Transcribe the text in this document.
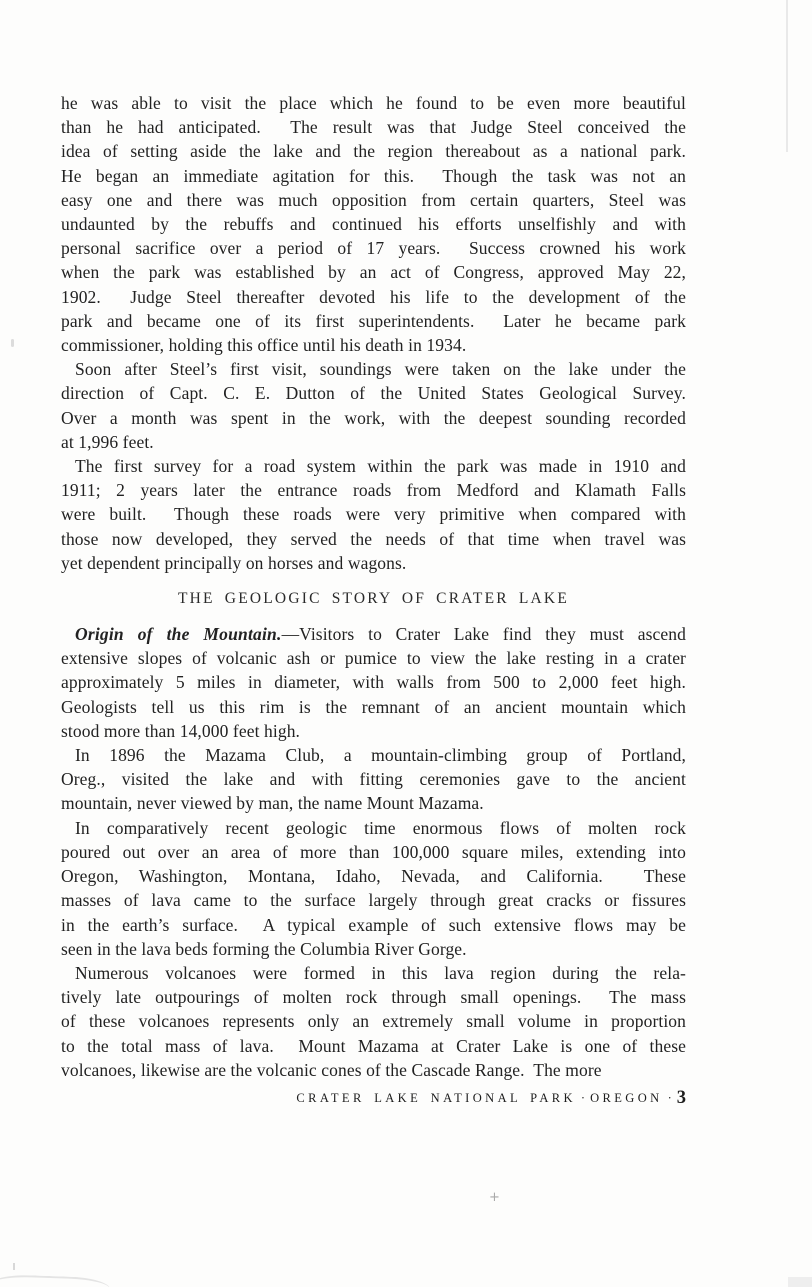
he was able to visit the place which he found to be even more beautiful
than he had anticipated.  The result was that Judge Steel conceived the
idea of setting aside the lake and the region thereabout as a national park.
He began an immediate agitation for this.  Though the task was not an
easy one and there was much opposition from certain quarters, Steel was
undaunted by the rebuffs and continued his efforts unselfishly and with
personal sacrifice over a period of 17 years.  Success crowned his work
when the park was established by an act of Congress, approved May 22,
1902.  Judge Steel thereafter devoted his life to the development of the
park and became one of its first superintendents.  Later he became park
commissioner, holding this office until his death in 1934.
Soon after Steel’s first visit, soundings were taken on the lake under the
direction of Capt. C. E. Dutton of the United States Geological Survey.
Over a month was spent in the work, with the deepest sounding recorded
at 1,996 feet.
The first survey for a road system within the park was made in 1910 and
1911; 2 years later the entrance roads from Medford and Klamath Falls
were built.  Though these roads were very primitive when compared with
those now developed, they served the needs of that time when travel was
yet dependent principally on horses and wagons.
THE GEOLOGIC STORY OF CRATER LAKE
Origin of the Mountain.—Visitors to Crater Lake find they must ascend
extensive slopes of volcanic ash or pumice to view the lake resting in a crater
approximately 5 miles in diameter, with walls from 500 to 2,000 feet high.
Geologists tell us this rim is the remnant of an ancient mountain which
stood more than 14,000 feet high.
In 1896 the Mazama Club, a mountain-climbing group of Portland,
Oreg., visited the lake and with fitting ceremonies gave to the ancient
mountain, never viewed by man, the name Mount Mazama.
In comparatively recent geologic time enormous flows of molten rock
poured out over an area of more than 100,000 square miles, extending into
Oregon, Washington, Montana, Idaho, Nevada, and California.  These
masses of lava came to the surface largely through great cracks or fissures
in the earth’s surface.  A typical example of such extensive flows may be
seen in the lava beds forming the Columbia River Gorge.
Numerous volcanoes were formed in this lava region during the rela-
tively late outpourings of molten rock through small openings.  The mass
of these volcanoes represents only an extremely small volume in proportion
to the total mass of lava.  Mount Mazama at Crater Lake is one of these
volcanoes, likewise are the volcanic cones of the Cascade Range.  The more
CRATER LAKE NATIONAL PARK · OREGON · 3
+
